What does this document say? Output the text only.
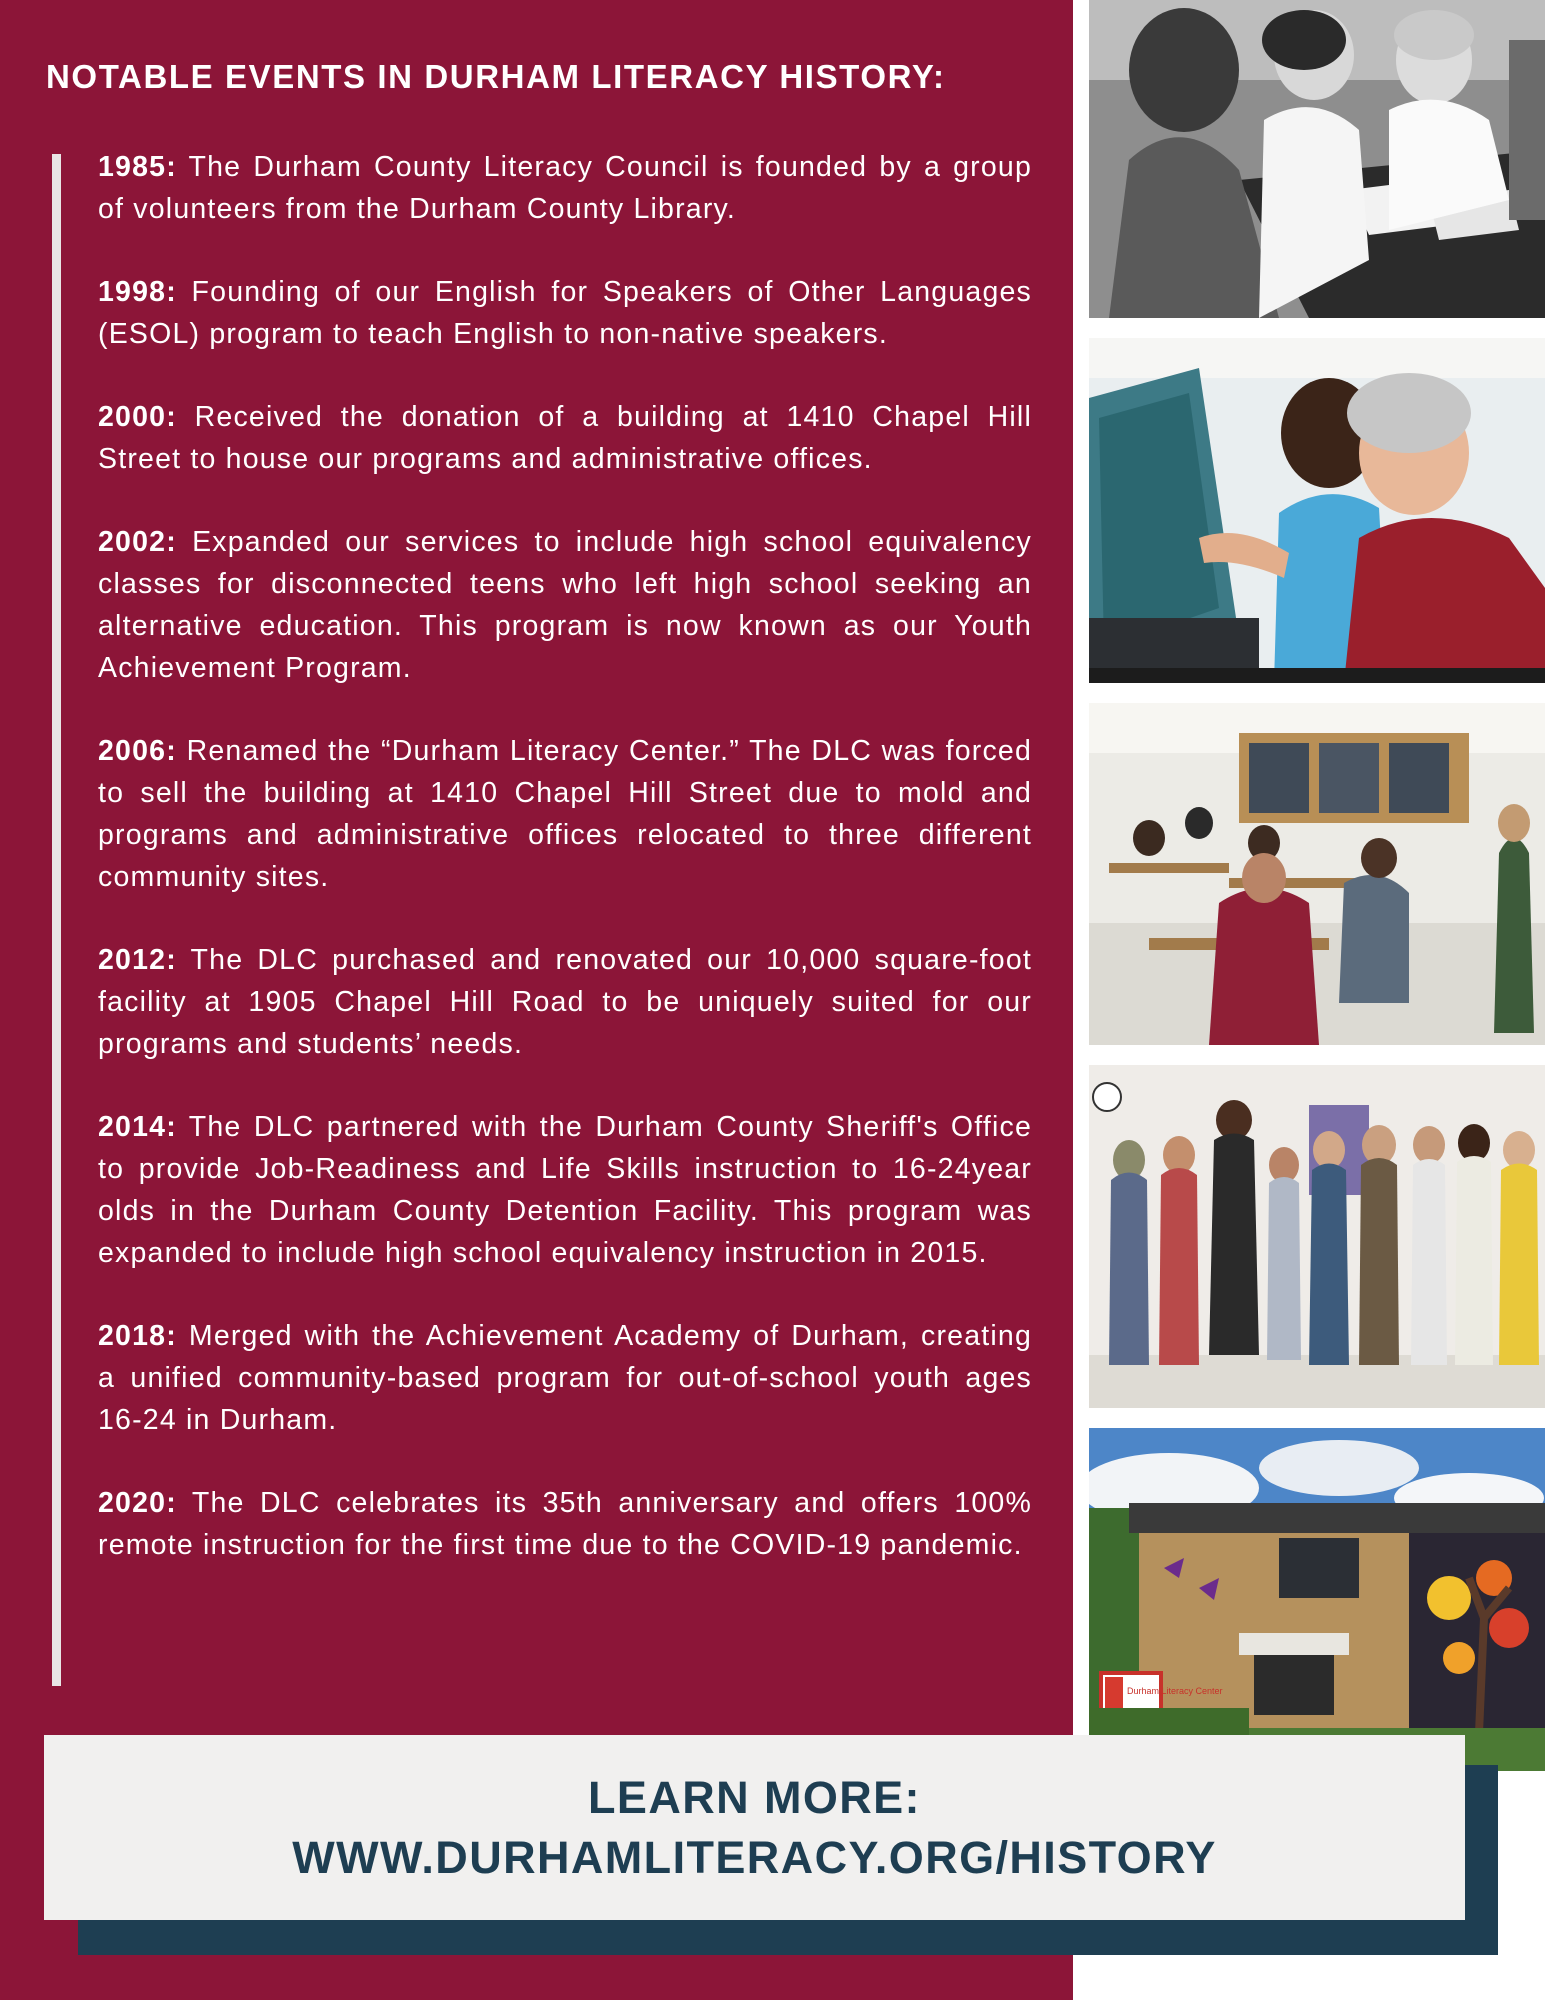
NOTABLE EVENTS IN DURHAM LITERACY HISTORY:

1985: The Durham County Literacy Council is founded by a group of volunteers from the Durham County Library.

1998: Founding of our English for Speakers of Other Languages (ESOL) program to teach English to non-native speakers.

2000: Received the donation of a building at 1410 Chapel Hill Street to house our programs and administrative offices.

2002: Expanded our services to include high school equivalency classes for disconnected teens who left high school seeking an alternative education. This program is now known as our Youth Achievement Program.

2006: Renamed the “Durham Literacy Center.” The DLC was forced to sell the building at 1410 Chapel Hill Street due to mold and programs and administrative offices relocated to three different community sites.

2012: The DLC purchased and renovated our 10,000 square-foot facility at 1905 Chapel Hill Road to be uniquely suited for our programs and students’ needs.

2014: The DLC partnered with the Durham County Sheriff's Office to provide Job-Readiness and Life Skills instruction to 16-24year olds in the Durham County Detention Facility. This program was expanded to include high school equivalency instruction in 2015.

2018: Merged with the Achievement Academy of Durham, creating a unified community-based program for out-of-school youth ages 16-24 in Durham.

2020: The DLC celebrates its 35th anniversary and offers 100% remote instruction for the first time due to the COVID-19 pandemic.

Durham Literacy Center
LEARN MORE:
WWW.DURHAMLITERACY.ORG/HISTORY
